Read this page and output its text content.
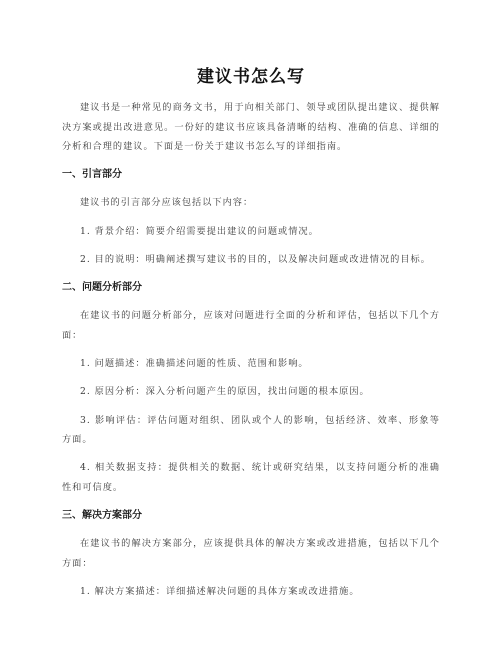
建议书怎么写

建议书是一种常见的商务文书，用于向相关部门、领导或团队提出建议、提供解决方案或提出改进意见。一份好的建议书应该具备清晰的结构、准确的信息、详细的分析和合理的建议。下面是一份关于建议书怎么写的详细指南。

一、引言部分

建议书的引言部分应该包括以下内容：

1. 背景介绍：简要介绍需要提出建议的问题或情况。

2. 目的说明：明确阐述撰写建议书的目的，以及解决问题或改进情况的目标。

二、问题分析部分

在建议书的问题分析部分，应该对问题进行全面的分析和评估，包括以下几个方面：

1. 问题描述：准确描述问题的性质、范围和影响。

2. 原因分析：深入分析问题产生的原因，找出问题的根本原因。

3. 影响评估：评估问题对组织、团队或个人的影响，包括经济、效率、形象等方面。

4. 相关数据支持：提供相关的数据、统计或研究结果，以支持问题分析的准确性和可信度。

三、解决方案部分

在建议书的解决方案部分，应该提供具体的解决方案或改进措施，包括以下几个方面：

1. 解决方案描述：详细描述解决问题的具体方案或改进措施。
